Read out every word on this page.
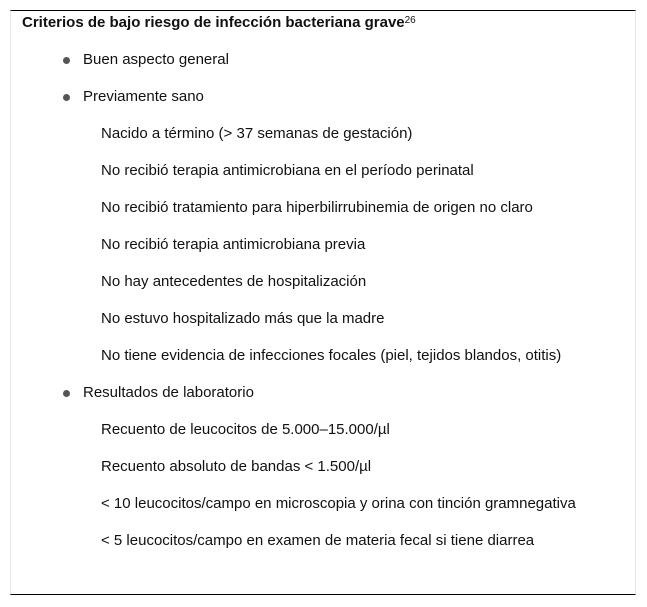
Criterios de bajo riesgo de infección bacteriana grave$^{26}$
Buen aspecto general
Previamente sano
Nacido a término (> 37 semanas de gestación)
No recibió terapia antimicrobiana en el período perinatal
No recibió tratamiento para hiperbilirrubinemia de origen no claro
No recibió terapia antimicrobiana previa
No hay antecedentes de hospitalización
No estuvo hospitalizado más que la madre
No tiene evidencia de infecciones focales (piel, tejidos blandos, otitis)
Resultados de laboratorio
Recuento de leucocitos de 5.000–15.000/µl
Recuento absoluto de bandas < 1.500/µl
< 10 leucocitos/campo en microscopia y orina con tinción gramnegativa
< 5 leucocitos/campo en examen de materia fecal si tiene diarrea
